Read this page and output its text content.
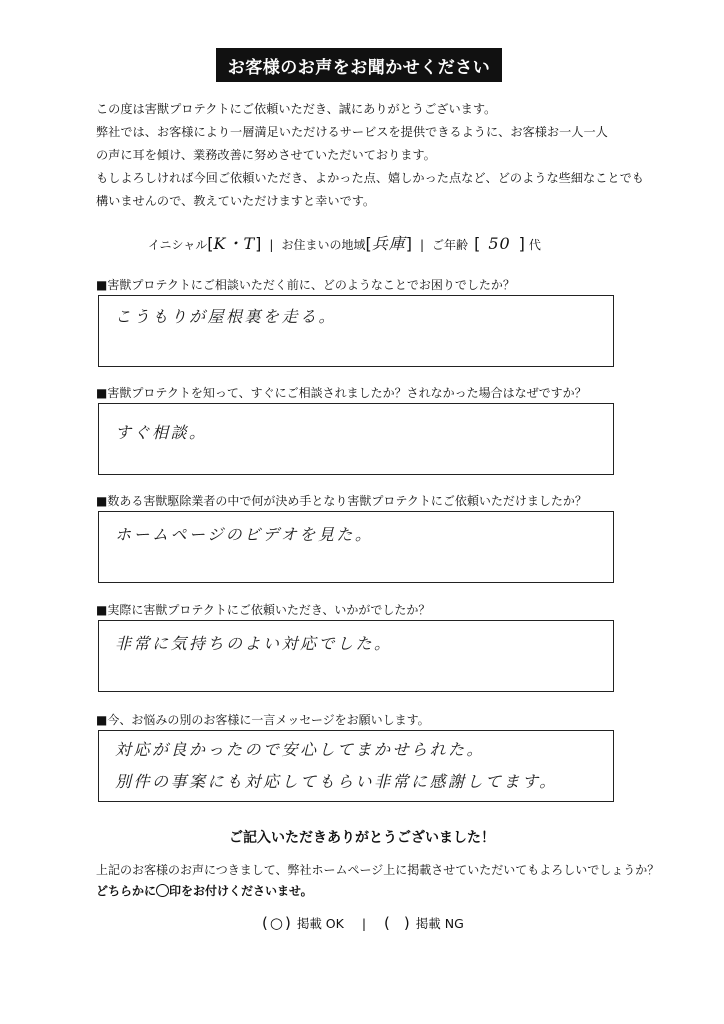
お客様のお声をお聞かせください

この度は害獣プロテクトにご依頼いただき、誠にありがとうございます。

弊社では、お客様により一層満足いただけるサービスを提供できるように、お客様お一人一人

の声に耳を傾け、業務改善に努めさせていただいております。

もしよろしければ今回ご依頼いただき、よかった点、嬉しかった点など、どのような些細なことでも

構いませんので、教えていただけますと幸いです。

イニシャル [ K・T ] | お住まいの地域 [ 兵庫 ] | ご年齢 [ 50 ] 代
■害獣プロテクトにご相談いただく前に、どのようなことでお困りでしたか？
こうもりが屋根裏を走る。
■害獣プロテクトを知って、すぐにご相談されましたか？されなかった場合はなぜですか？
すぐ相談。
■数ある害獣駆除業者の中で何が決め手となり害獣プロテクトにご依頼いただけましたか？
ホームページのビデオを見た。
■実際に害獣プロテクトにご依頼いただき、いかがでしたか？
非常に気持ちのよい対応でした。
■今、お悩みの別のお客様に一言メッセージをお願いします。
対応が良かったので安心してまかせられた。
別件の事案にも対応してもらい非常に感謝してます。
ご記入いただきありがとうございました！

上記のお客様のお声につきまして、弊社ホームページ上に掲載させていただいてもよろしいでしょうか？

どちらかに 印をお付けくださいませ。

( ○ ) 掲載 OK | ( ) 掲載 NG
